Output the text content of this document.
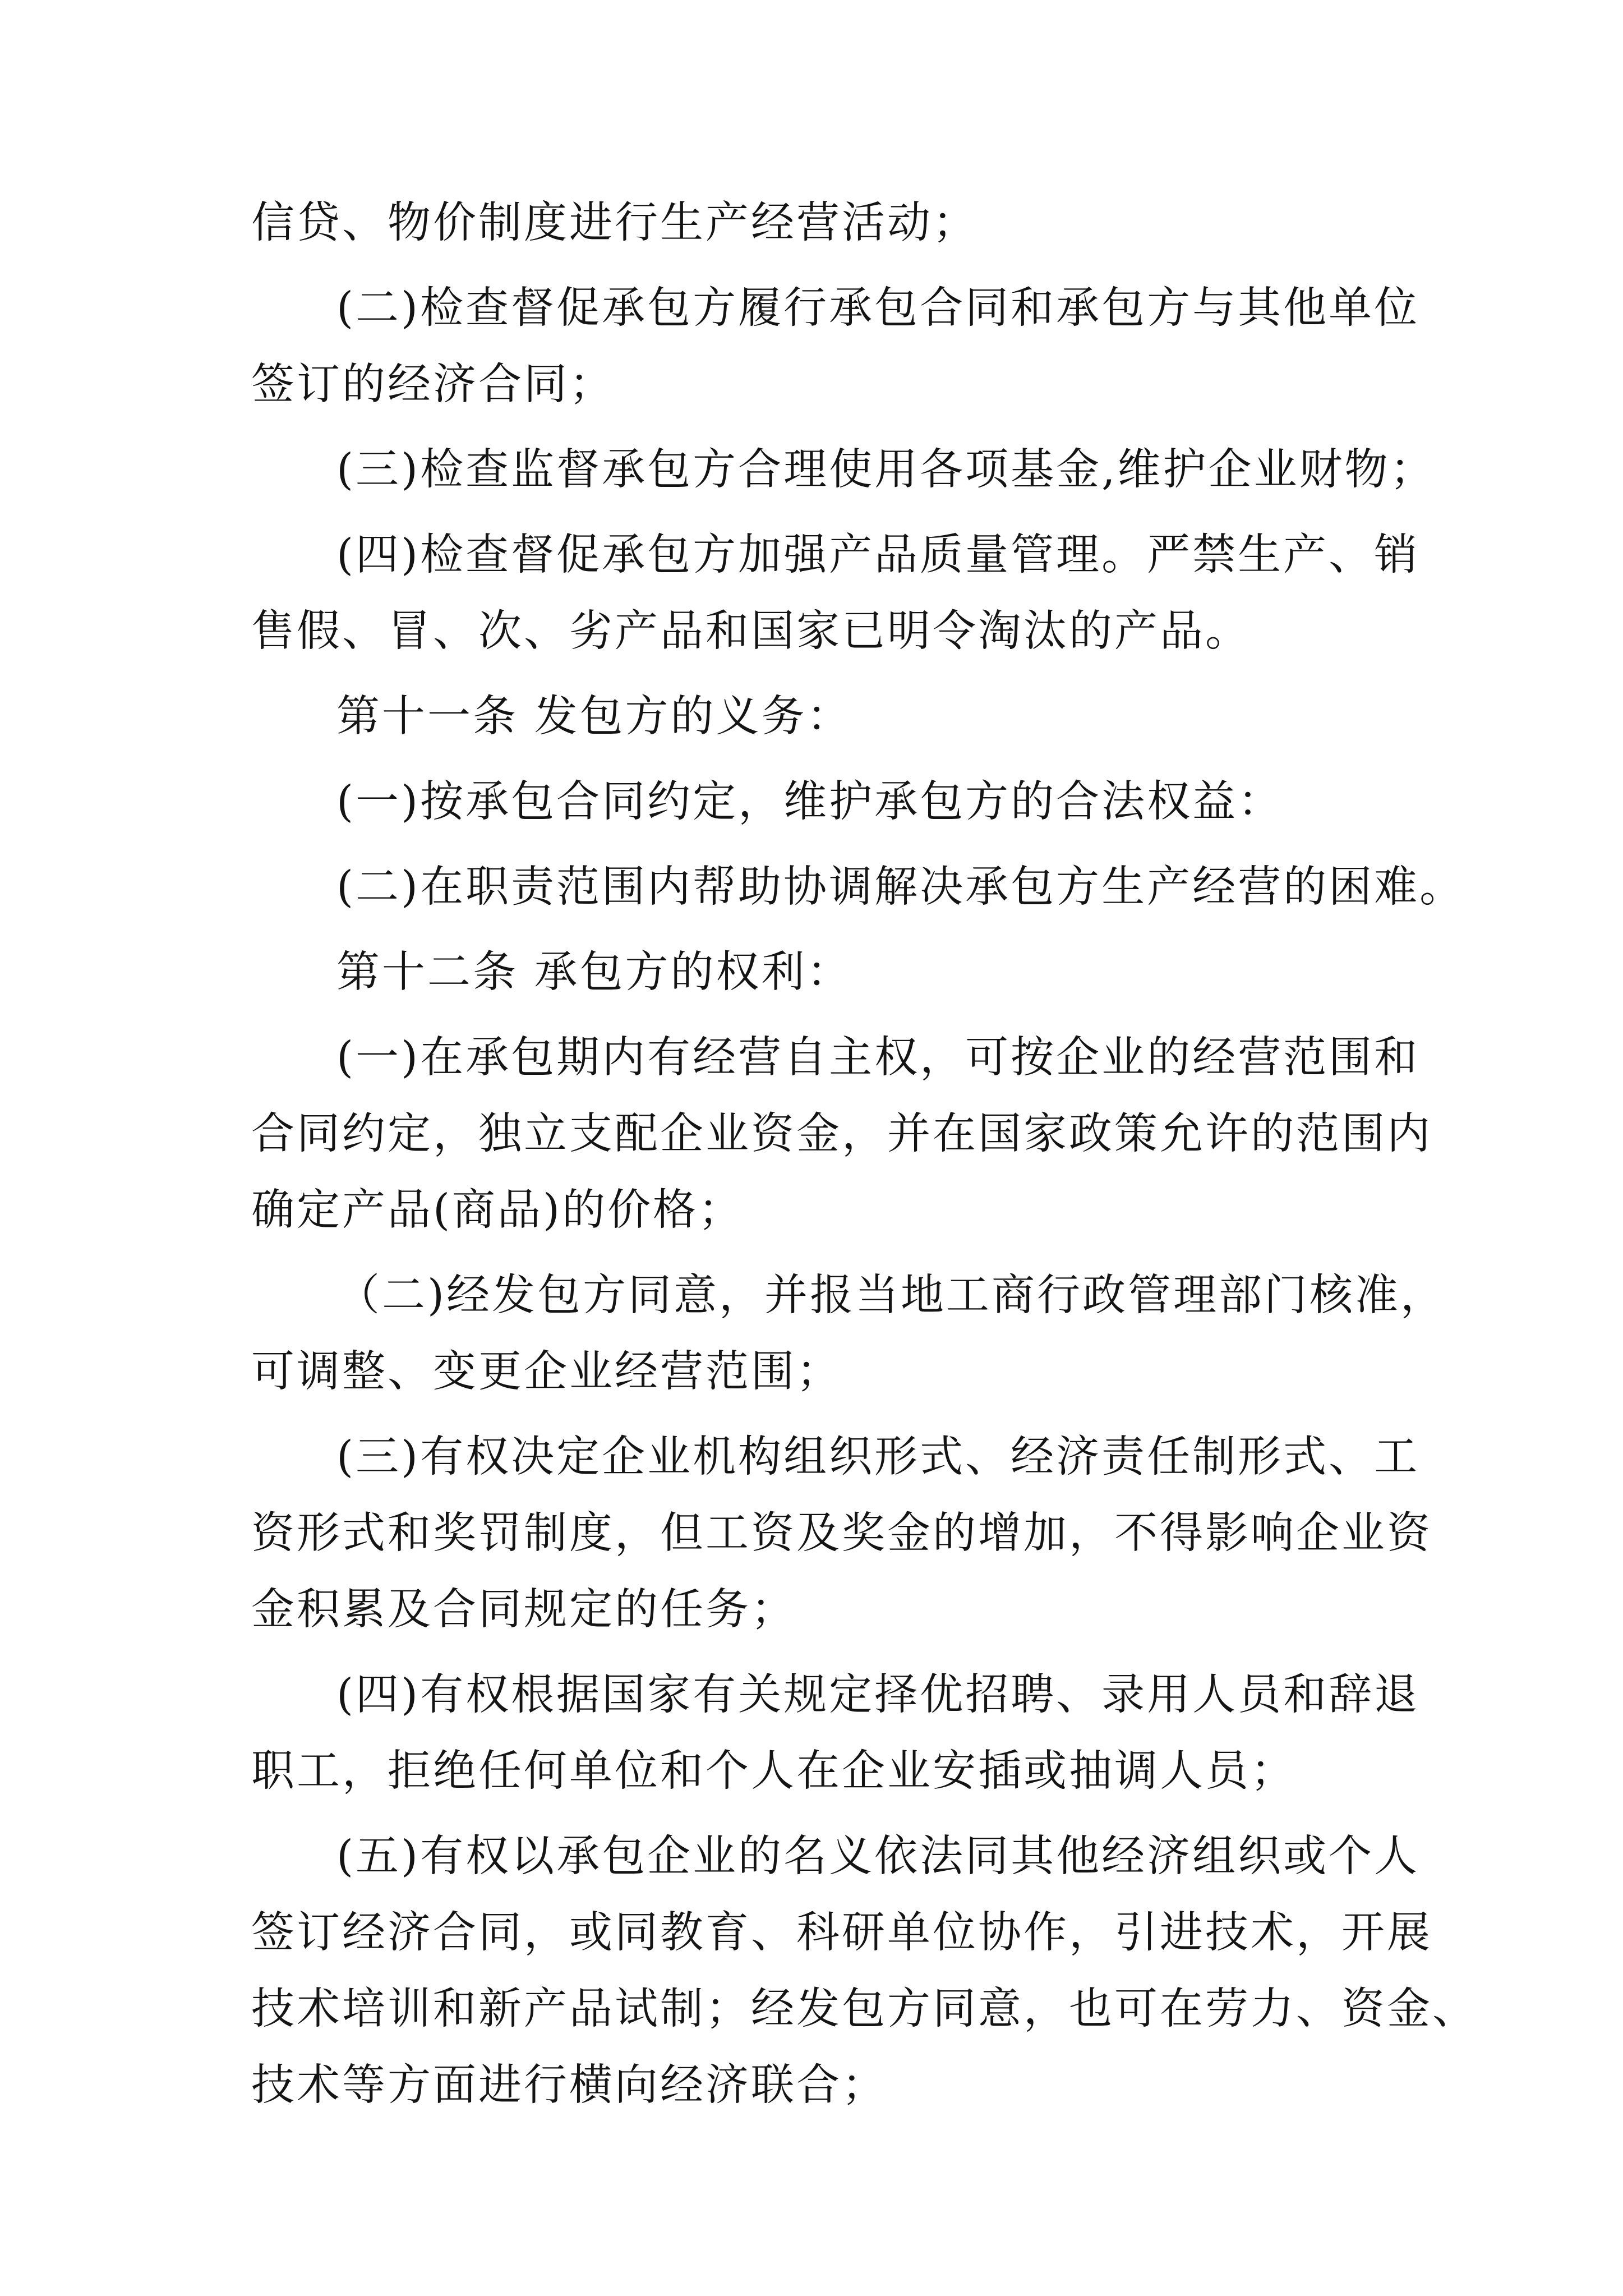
信贷、物价制度进行生产经营活动；
(二)检查督促承包方履行承包合同和承包方与其他单位
签订的经济合同；
(三)检查监督承包方合理使用各项基金,维护企业财物；
(四)检查督促承包方加强产品质量管理。严禁生产、销
售假、冒、次、劣产品和国家已明令淘汰的产品。
第十一条 发包方的义务：
(一)按承包合同约定，维护承包方的合法权益：
(二)在职责范围内帮助协调解决承包方生产经营的困难。
第十二条 承包方的权利：
(一)在承包期内有经营自主权，可按企业的经营范围和
合同约定，独立支配企业资金，并在国家政策允许的范围内
确定产品(商品)的价格；
（二)经发包方同意，并报当地工商行政管理部门核准，
可调整、变更企业经营范围；
(三)有权决定企业机构组织形式、经济责任制形式、工
资形式和奖罚制度，但工资及奖金的增加，不得影响企业资
金积累及合同规定的任务；
(四)有权根据国家有关规定择优招聘、录用人员和辞退
职工，拒绝任何单位和个人在企业安插或抽调人员；
(五)有权以承包企业的名义依法同其他经济组织或个人
签订经济合同，或同教育、科研单位协作，引进技术，开展
技术培训和新产品试制；经发包方同意，也可在劳力、资金、
技术等方面进行横向经济联合；
